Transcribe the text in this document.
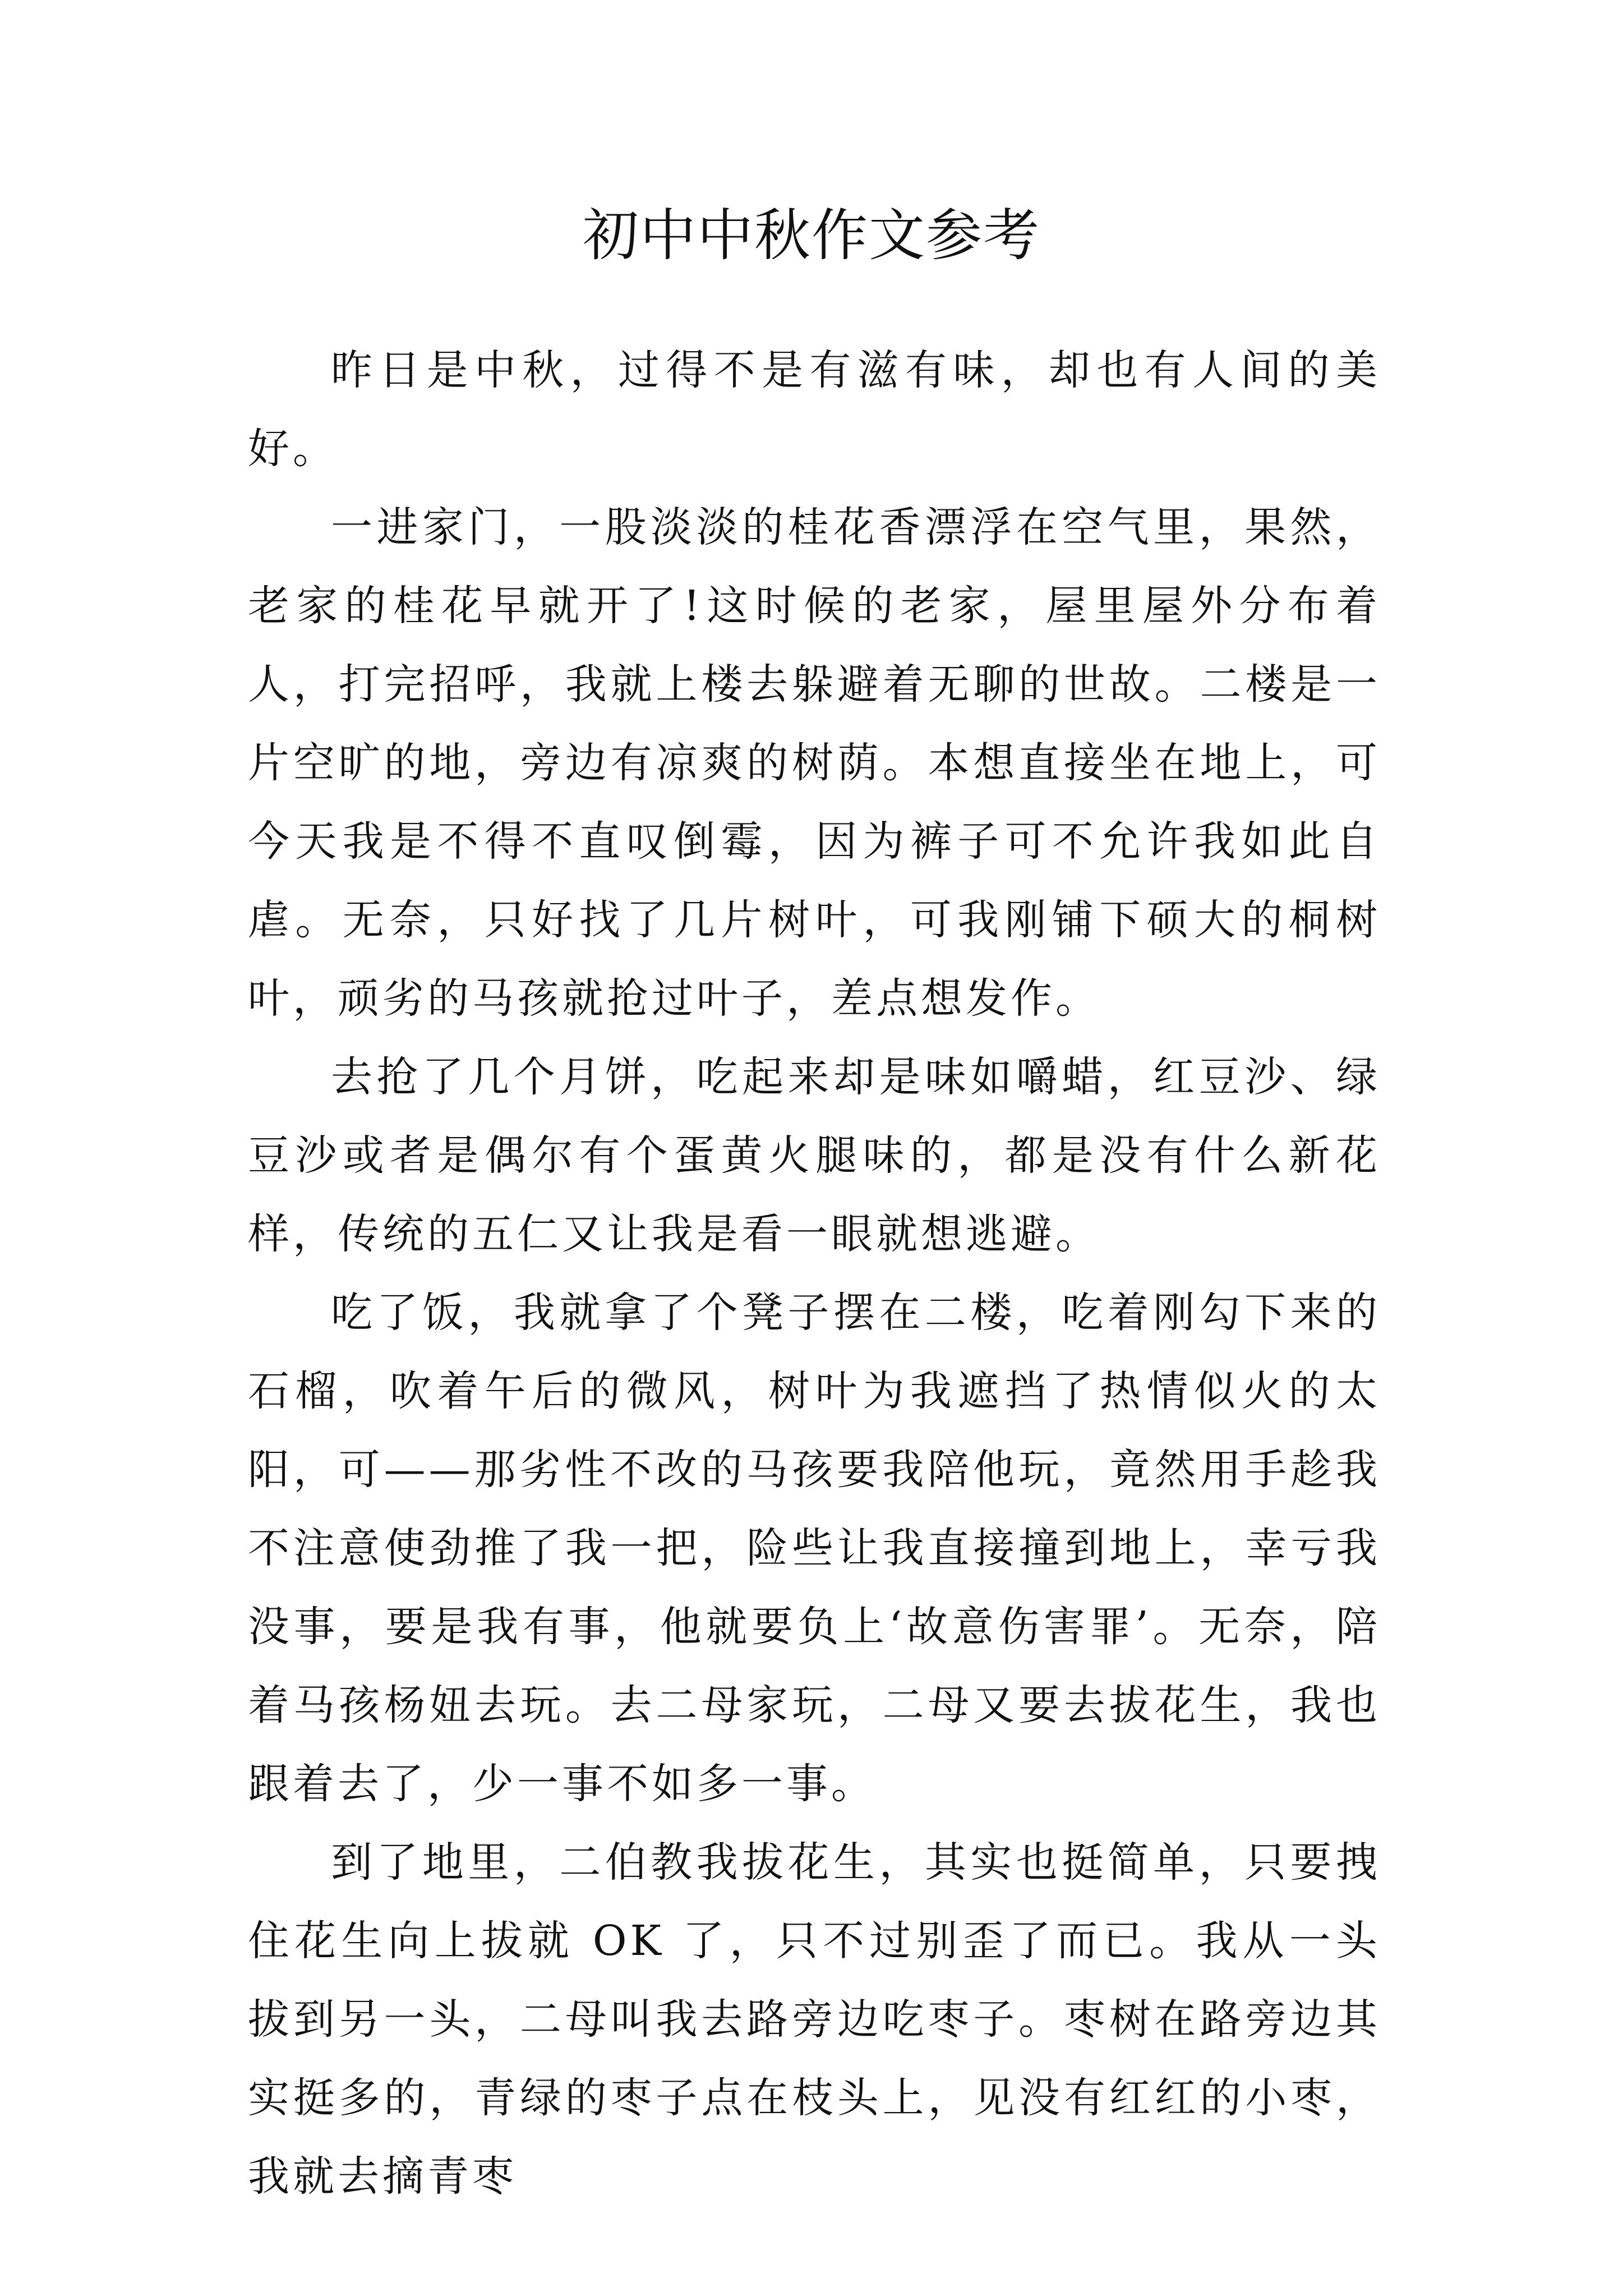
初中中秋作文参考

昨日是中秋，过得不是有滋有味，却也有人间的美好。

一进家门，一股淡淡的桂花香漂浮在空气里，果然，老家的桂花早就开了!这时候的老家，屋里屋外分布着人，打完招呼，我就上楼去躲避着无聊的世故。二楼是一片空旷的地，旁边有凉爽的树荫。本想直接坐在地上，可今天我是不得不直叹倒霉，因为裤子可不允许我如此自虐。无奈，只好找了几片树叶，可我刚铺下硕大的桐树叶，顽劣的马孩就抢过叶子，差点想发作。

去抢了几个月饼，吃起来却是味如嚼蜡，红豆沙、绿豆沙或者是偶尔有个蛋黄火腿味的，都是没有什么新花样，传统的五仁又让我是看一眼就想逃避。

吃了饭，我就拿了个凳子摆在二楼，吃着刚勾下来的石榴，吹着午后的微风，树叶为我遮挡了热情似火的太阳，可——那劣性不改的马孩要我陪他玩，竟然用手趁我不注意使劲推了我一把，险些让我直接撞到地上，幸亏我没事，要是我有事，他就要负上‘故意伤害罪’。无奈，陪着马孩杨妞去玩。去二母家玩，二母又要去拔花生，我也跟着去了，少一事不如多一事。

到了地里，二伯教我拔花生，其实也挺简单，只要拽住花生向上拔就 OK 了，只不过别歪了而已。我从一头拔到另一头，二母叫我去路旁边吃枣子。枣树在路旁边其实挺多的，青绿的枣子点在枝头上，见没有红红的小枣，我就去摘青枣
